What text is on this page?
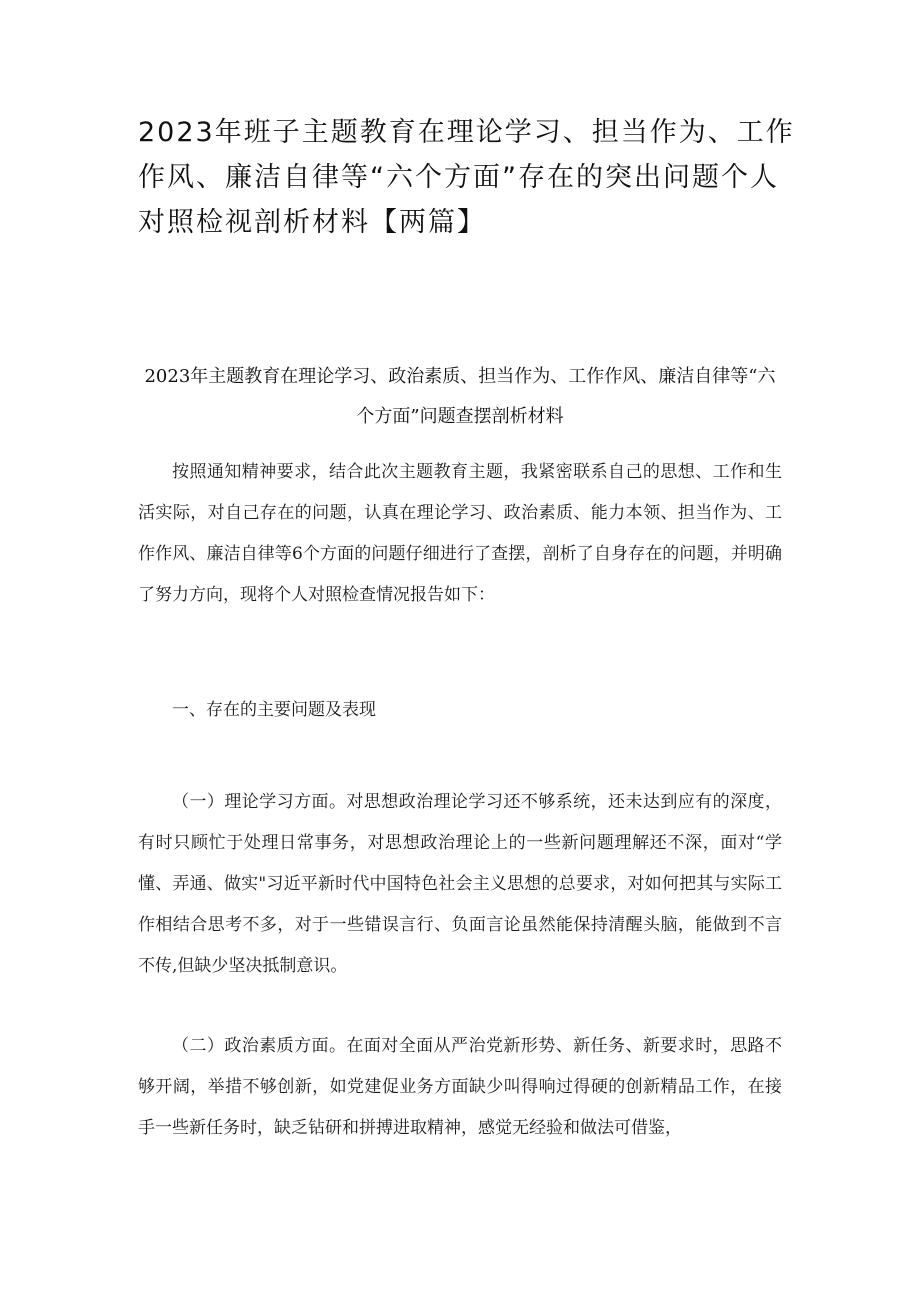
2023年班子主题教育在理论学习、担当作为、工作作风、廉洁自律等“六个方面”存在的突出问题个人对照检视剖析材料【两篇】
2023年主题教育在理论学习、政治素质、担当作为、工作作风、廉洁自律等“六个方面”问题查摆剖析材料

按照通知精神要求，结合此次主题教育主题，我紧密联系自己的思想、工作和生活实际，对自己存在的问题，认真在理论学习、政治素质、能力本领、担当作为、工作作风、廉洁自律等6个方面的问题仔细进行了查摆，剖析了自身存在的问题，并明确了努力方向，现将个人对照检查情况报告如下：

一、存在的主要问题及表现

（一）理论学习方面。对思想政治理论学习还不够系统，还未达到应有的深度，有时只顾忙于处理日常事务，对思想政治理论上的一些新问题理解还不深，面对“学懂、弄通、做实"习近平新时代中国特色社会主义思想的总要求，对如何把其与实际工作相结合思考不多，对于一些错误言行、负面言论虽然能保持清醒头脑，能做到不言不传,但缺少坚决抵制意识。

（二）政治素质方面。在面对全面从严治党新形势、新任务、新要求时，思路不够开阔，举措不够创新，如党建促业务方面缺少叫得响过得硬的创新精品工作，在接手一些新任务时，缺乏钻研和拼搏进取精神，感觉无经验和做法可借鉴，
